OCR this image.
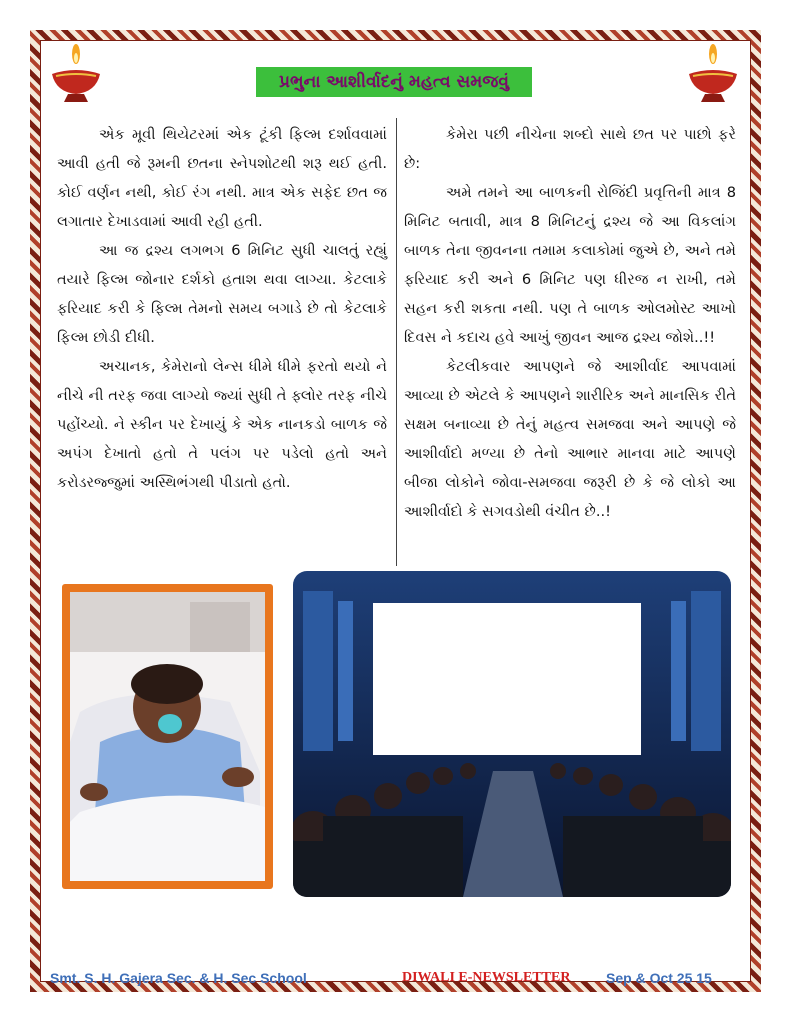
પ્રભુના આશીર્વાદનું મહત્વ સમજવું

એક મૂવી થિયેટરમાં એક ટૂંકી ફિલ્મ દર્શાવવામાં આવી હતી જે રૂમની છતના સ્નેપશોટથી શરૂ થઈ હતી. કોઈ વર્ણન નથી, કોઈ રંગ નથી. માત્ર એક સફેદ છત જ લગાતાર દેખાડવામાં આવી રહી હતી.

આ જ દ્રશ્ય લગભગ 6 મિનિટ સુધી ચાલતું રહ્યું તયારે ફિલ્મ જોનાર દર્શકો હતાશ થવા લાગ્યા. કેટલાકે ફરિયાદ કરી કે ફિલ્મ તેમનો સમય બગાડે છે તો કેટલાકે ફિલ્મ છોડી દીધી.

અચાનક, કેમેરાનો લેન્સ ધીમે ધીમે ફરતો થયો ને નીચે ની તરફ જવા લાગ્યો જ્યાં સુધી તે ફ્લોર તરફ નીચે પહોંચ્યો. ને સ્કીન પર દેખાયું કે એક નાનકડો બાળક જે અપંગ દેખાતો હતો તે પલંગ પર પડેલો હતો અને કરોડરજ્જુમાં અસ્થિભંગથી પીડાતો હતો.

કેમેરા પછી નીચેના શબ્દો સાથે છત પર પાછો ફરે છે:

અમે તમને આ બાળકની રોજિંદી પ્રવૃત્તિની માત્ર 8 મિનિટ બતાવી, માત્ર 8 મિનિટનું દ્રશ્ય જે આ વિકલાંગ બાળક તેના જીવનના તમામ કલાકોમાં જુએ છે, અને તમે ફરિયાદ કરી અને 6 મિનિટ પણ ધીરજ ન રાખી, તમે સહન કરી શકતા નથી. પણ તે બાળક ઓલમોસ્ટ આખો દિવસ ને કદાચ હવે આખું જીવન આજ દ્રશ્ય જોશે..!!

કેટલીકવાર આપણને જે આશીર્વાદ આપવામાં આવ્યા છે એટલે કે આપણને શારીરિક અને માનસિક રીતે સક્ષમ બનાવ્યા છે તેનું મહત્વ સમજવા અને આપણે જે આશીર્વાદો મળ્યા છે તેનો આભાર માનવા માટે આપણે બીજા લોકોને જોવા-સમજવા જરૂરી છે કે જે લોકો આ આશીર્વાદો કે સગવડોથી વંચીત છે..!

Smt. S. H. Gajera Sec. & H. Sec School	DIWALI E-NEWSLETTER	Sep & Oct 25 15
